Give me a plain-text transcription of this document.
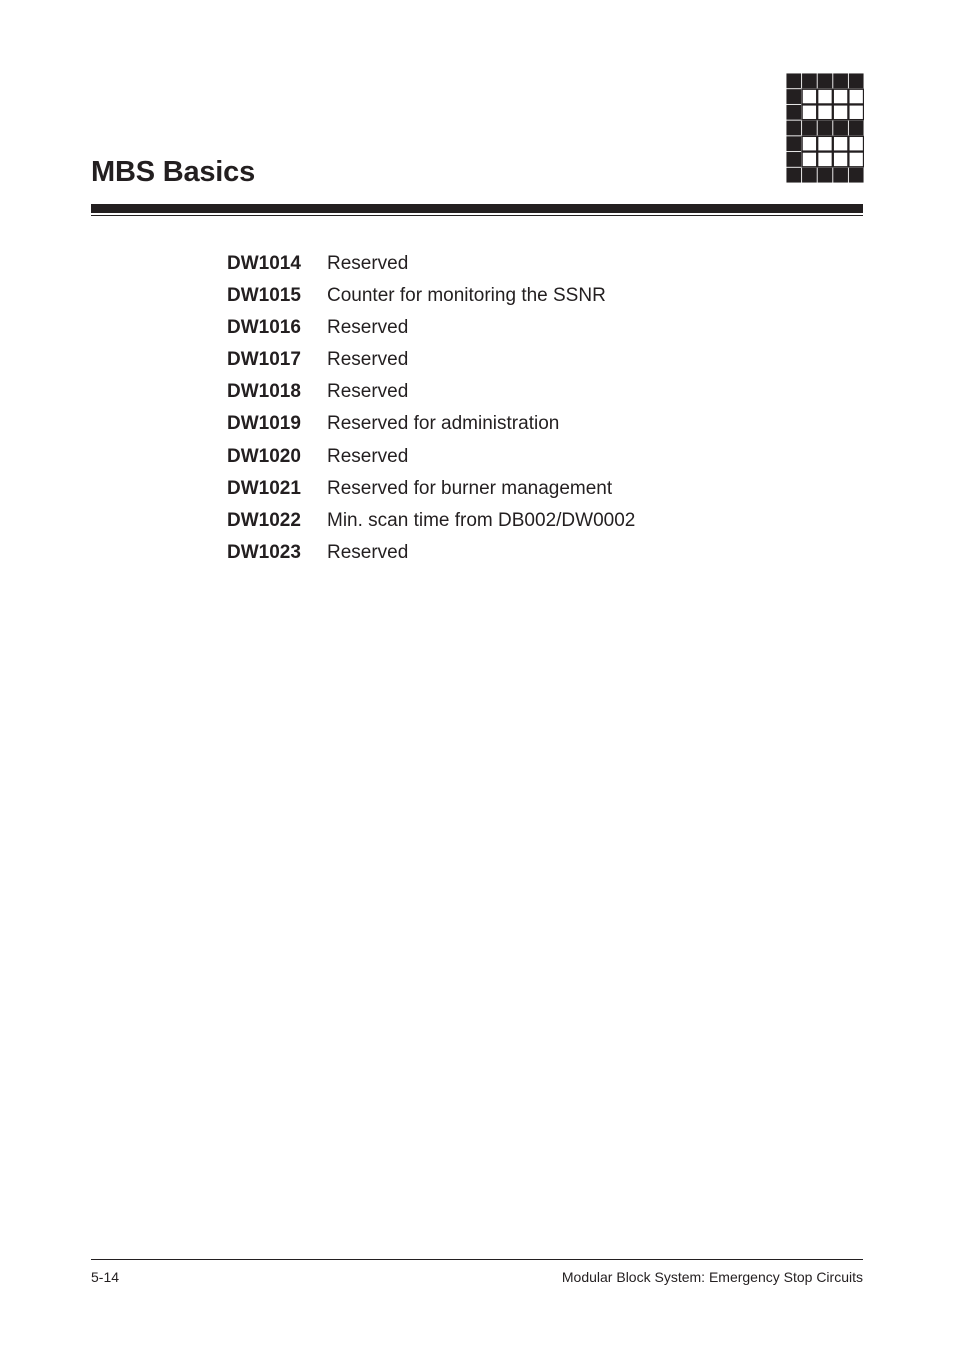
MBS Basics
DW1014 Reserved
DW1015 Counter for monitoring the SSNR
DW1016 Reserved
DW1017 Reserved
DW1018 Reserved
DW1019 Reserved for administration
DW1020 Reserved
DW1021 Reserved for burner management
DW1022 Min. scan time from DB002/DW0002
DW1023 Reserved
5-14	Modular Block System: Emergency Stop Circuits
